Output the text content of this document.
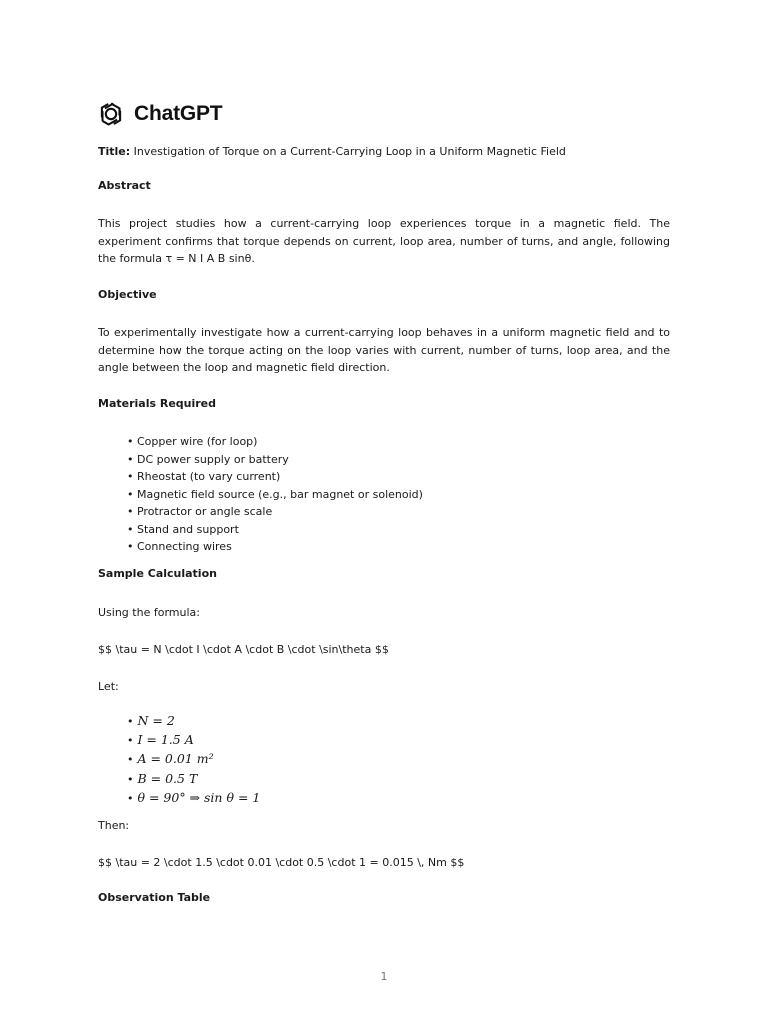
ChatGPT
Title: Investigation of Torque on a Current-Carrying Loop in a Uniform Magnetic Field
Abstract
This project studies how a current-carrying loop experiences torque in a magnetic field. The experiment confirms that torque depends on current, loop area, number of turns, and angle, following the formula τ = N I A B sinθ.
Objective
To experimentally investigate how a current-carrying loop behaves in a uniform magnetic field and to determine how the torque acting on the loop varies with current, number of turns, loop area, and the angle between the loop and magnetic field direction.
Materials Required
• Copper wire (for loop)
• DC power supply or battery
• Rheostat (to vary current)
• Magnetic field source (e.g., bar magnet or solenoid)
• Protractor or angle scale
• Stand and support
• Connecting wires
Sample Calculation
Using the formula:
$$ \tau = N \cdot I \cdot A \cdot B \cdot \sin\theta $$
Let:
• N = 2
• I = 1.5 A
• A = 0.01 m²
• B = 0.5 T
• θ = 90° ⇒ sin θ = 1
Then:
$$ \tau = 2 \cdot 1.5 \cdot 0.01 \cdot 0.5 \cdot 1 = 0.015 \, Nm $$
Observation Table
1
